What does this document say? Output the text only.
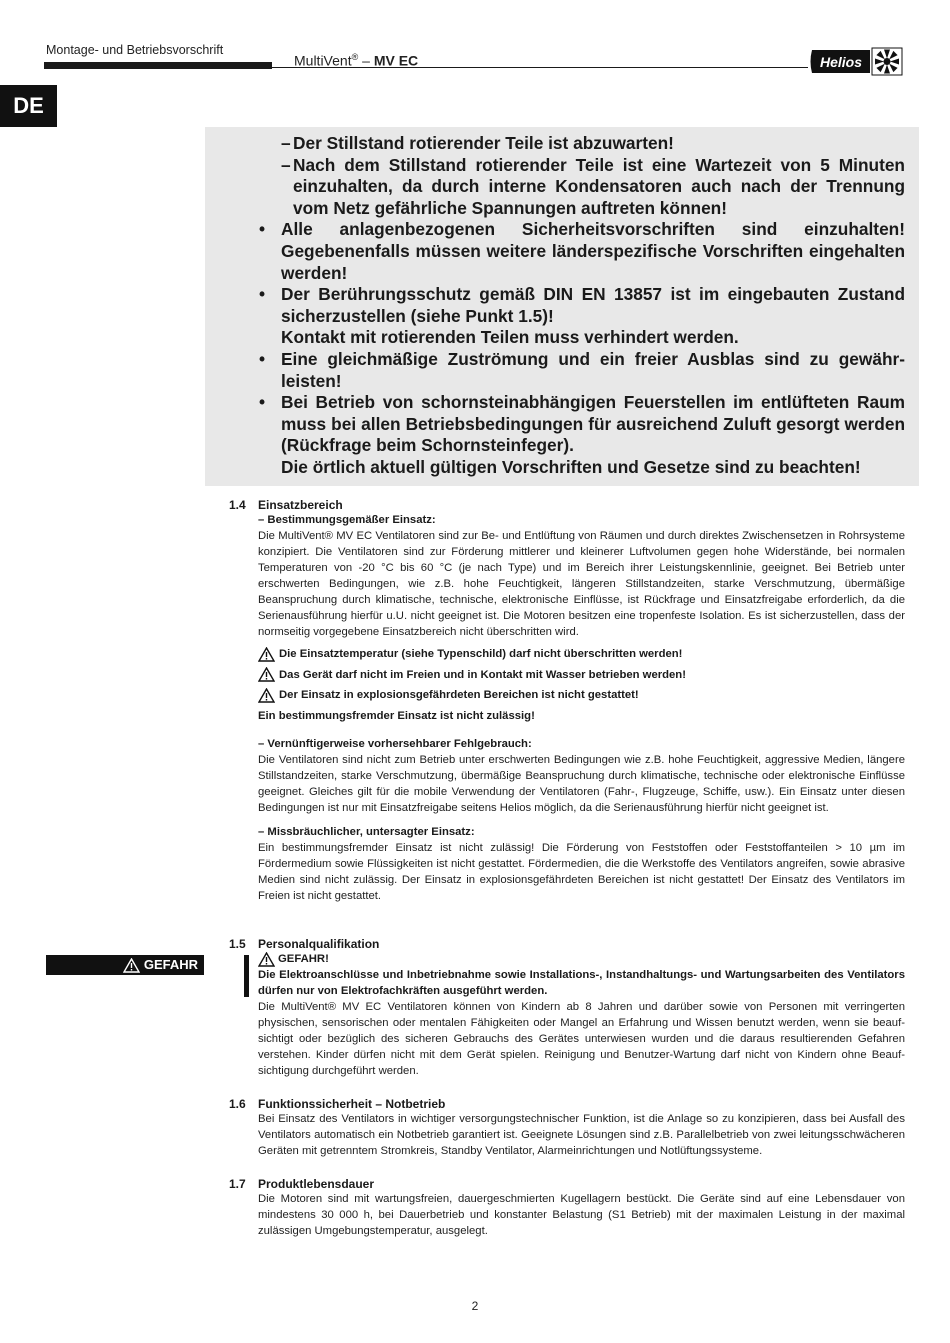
Montage- und Betriebsvorschrift
MultiVent® – MV EC	Helios
DE

– Der Stillstand rotierender Teile ist abzuwarten!

– Nach dem Stillstand rotierender Teile ist eine Wartezeit von 5 Minuten einzuhalten, da durch interne Kondensatoren auch nach der Trennung vom Netz gefährliche Spannungen auftreten können!

• Alle anlagenbezogenen Sicherheitsvorschriften sind einzuhalten! Gegebenenfalls müssen weitere länderspezifische Vorschriften eingehalten werden!

• Der Berührungsschutz gemäß DIN EN 13857 ist im eingebauten Zustand sicherzustellen (siehe Punkt 1.5)!
Kontakt mit rotierenden Teilen muss verhindert werden.

• Eine gleichmäßige Zuströmung und ein freier Ausblas sind zu gewährleisten!

• Bei Betrieb von schornsteinabhängigen Feuerstellen im entlüfteten Raum muss bei allen Betriebsbedingungen für ausreichend Zuluft gesorgt werden (Rückfrage beim Schornsteinfeger).
Die örtlich aktuell gültigen Vorschriften und Gesetze sind zu beachten!

1.4 Einsatzbereich

– Bestimmungsgemäßer Einsatz:

Die MultiVent® MV EC Ventilatoren sind zur Be- und Entlüftung von Räumen und durch direktes Zwischensetzen in Rohrsysteme konzipiert. Die Ventilatoren sind zur Förderung mittlerer und kleinerer Luftvolumen gegen hohe Widerstände, bei normalen Temperaturen von -20 °C bis 60 °C (je nach Type) und im Bereich ihrer Leistungskennlinie, geeignet. Bei Betrieb unter erschwerten Bedingungen, wie z.B. hohe Feuchtigkeit, längeren Stillstandzeiten, starke Verschmutzung, übermäßige Beanspruchung durch klimatische, technische, elektronische Einflüsse, ist Rückfrage und Einsatzfreigabe erforderlich, da die Serienausführung hierfür u.U. nicht geeignet ist. Die Motoren besitzen eine tropenfeste Isolation. Es ist sicherzustellen, dass der normseitig vorgegebene Einsatzbereich nicht überschritten wird.

Die Einsatztemperatur (siehe Typenschild) darf nicht überschritten werden!
Das Gerät darf nicht im Freien und in Kontakt mit Wasser betrieben werden!
Der Einsatz in explosionsgefährdeten Bereichen ist nicht gestattet!
Ein bestimmungsfremder Einsatz ist nicht zulässig!

– Vernünftigerweise vorhersehbarer Fehlgebrauch:

Die Ventilatoren sind nicht zum Betrieb unter erschwerten Bedingungen wie z.B. hohe Feuchtigkeit, aggressive Medien, längere Stillstandzeiten, starke Verschmutzung, übermäßige Beanspruchung durch klimatische, technische oder elektronische Einflüsse geeignet. Gleiches gilt für die mobile Verwendung der Ventilatoren (Fahr-, Flugzeuge, Schiffe, usw.). Ein Einsatz unter diesen Bedingungen ist nur mit Einsatzfreigabe seitens Helios möglich, da die Serienausführung hierfür nicht geeignet ist.

– Missbräuchlicher, untersagter Einsatz:

Ein bestimmungsfremder Einsatz ist nicht zulässig! Die Förderung von Feststoffen oder Feststoffanteilen > 10 µm im Fördermedium sowie Flüssigkeiten ist nicht gestattet. Fördermedien, die die Werkstoffe des Ventilators angreifen, sowie abrasive Medien sind nicht zulässig. Der Einsatz in explosionsgefährdeten Bereichen ist nicht gestattet! Der Einsatz des Ventilators im Freien ist nicht gestattet.

1.5
GEFAHR
Personalqualifikation
GEFAHR!

Die Elektroanschlüsse und Inbetriebnahme sowie Installations-, Instandhaltungs- und Wartungsarbeiten des Ventilators dürfen nur von Elektrofachkräften ausgeführt werden.

Die MultiVent® MV EC Ventilatoren können von Kindern ab 8 Jahren und darüber sowie von Personen mit verringerten physischen, sensorischen oder mentalen Fähigkeiten oder Mangel an Erfahrung und Wissen benutzt werden, wenn sie beaufsichtigt oder bezüglich des sicheren Gebrauchs des Gerätes unterwiesen wurden und die daraus resultierenden Gefahren verstehen. Kinder dürfen nicht mit dem Gerät spielen. Reinigung und Benutzer-Wartung darf nicht von Kindern ohne Beaufsichtigung durchgeführt werden.

1.6 Funktionssicherheit – Notbetrieb

Bei Einsatz des Ventilators in wichtiger versorgungstechnischer Funktion, ist die Anlage so zu konzipieren, dass bei Ausfall des Ventilators automatisch ein Notbetrieb garantiert ist. Geeignete Lösungen sind z.B. Parallelbetrieb von zwei leitungsschwächeren Geräten mit getrenntem Stromkreis, Standby Ventilator, Alarmeinrichtungen und Notlüftungssysteme.

1.7 Produktlebensdauer

Die Motoren sind mit wartungsfreien, dauergeschmierten Kugellagern bestückt. Die Geräte sind auf eine Lebensdauer von mindestens 30 000 h, bei Dauerbetrieb und konstanter Belastung (S1 Betrieb) mit der maximalen Leistung in der maximal zulässigen Umgebungstemperatur, ausgelegt.

2
